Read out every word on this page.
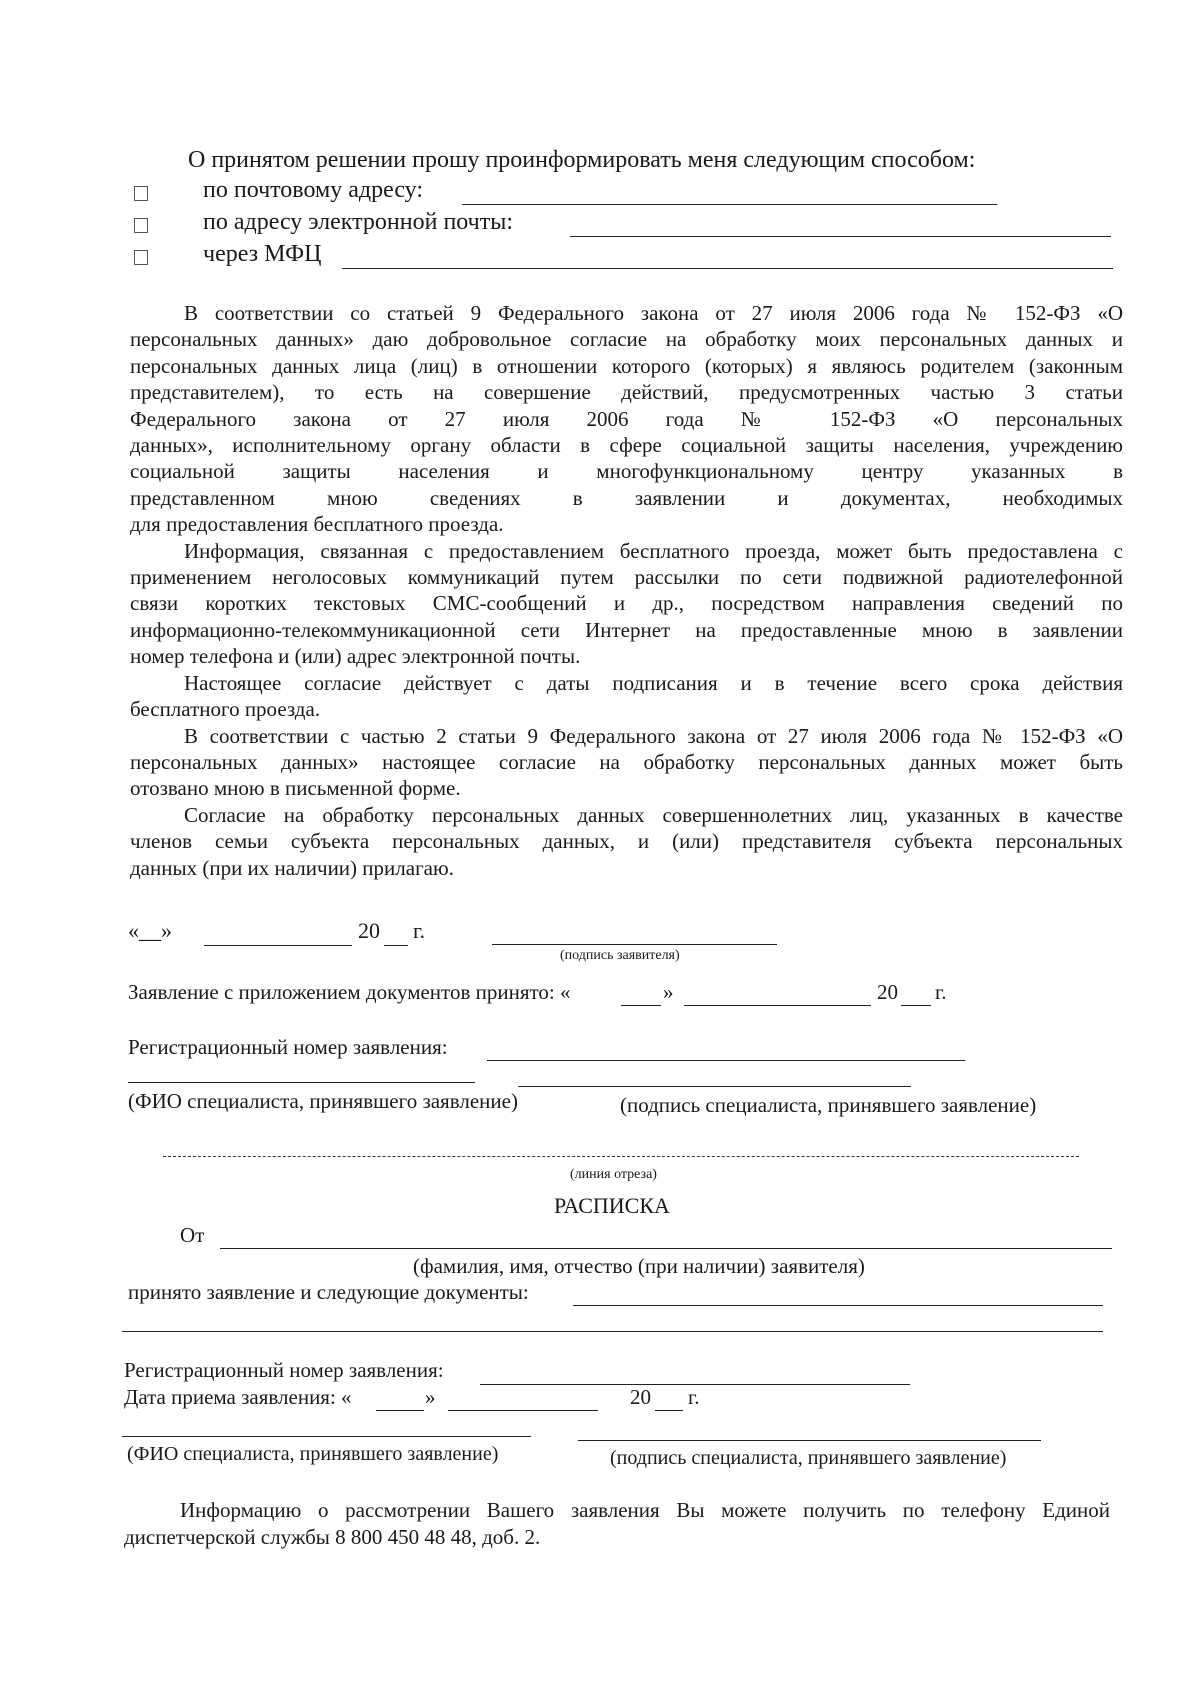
О принятом решении прошу проинформировать меня следующим способом:
по почтовому адресу:
по адресу электронной почты:
через МФЦ

В соответствии со статьей 9 Федерального закона от 27 июля 2006 года № 152-ФЗ «О

персональных данных» даю добровольное согласие на обработку моих персональных данных и

персональных данных лица (лиц) в отношении которого (которых) я являюсь родителем (законным

представителем), то есть на совершение действий, предусмотренных частью 3 статьи

Федерального закона от 27 июля 2006 года № 152-ФЗ «О персональных

данных», исполнительному органу области в сфере социальной защиты населения, учреждению

социальной защиты населения и многофункциональному центру указанных в

представленном мною сведениях в заявлении и документах, необходимых

для предоставления бесплатного проезда.

Информация, связанная с предоставлением бесплатного проезда, может быть предоставлена с

применением неголосовых коммуникаций путем рассылки по сети подвижной радиотелефонной

связи коротких текстовых СМС-сообщений и др., посредством направления сведений по

информационно-телекоммуникационной сети Интернет на предоставленные мною в заявлении

номер телефона и (или) адрес электронной почты.

Настоящее согласие действует с даты подписания и в течение всего срока действия

бесплатного проезда.

В соответствии с частью 2 статьи 9 Федерального закона от 27 июля 2006 года № 152-ФЗ «О

персональных данных» настоящее согласие на обработку персональных данных может быть

отозвано мною в письменной форме.

Согласие на обработку персональных данных совершеннолетних лиц, указанных в качестве

членов семьи субъекта персональных данных, и (или) представителя субъекта персональных

данных (при их наличии) прилагаю.

«__»	20 г.
(подпись заявителя)
Заявление с приложением документов принято: «	»	20 г.
Регистрационный номер заявления:
(ФИО специалиста, принявшего заявление)	(подпись специалиста, принявшего заявление)
(линия отреза)
РАСПИСКА
От
(фамилия, имя, отчество (при наличии) заявителя)
принято заявление и следующие документы:
Регистрационный номер заявления:
Дата приема заявления: «	»	20 г.
(ФИО специалиста, принявшего заявление)	(подпись специалиста, принявшего заявление)
Информацию о рассмотрении Вашего заявления Вы можете получить по телефону Единой
диспетчерской службы 8 800 450 48 48, доб. 2.
